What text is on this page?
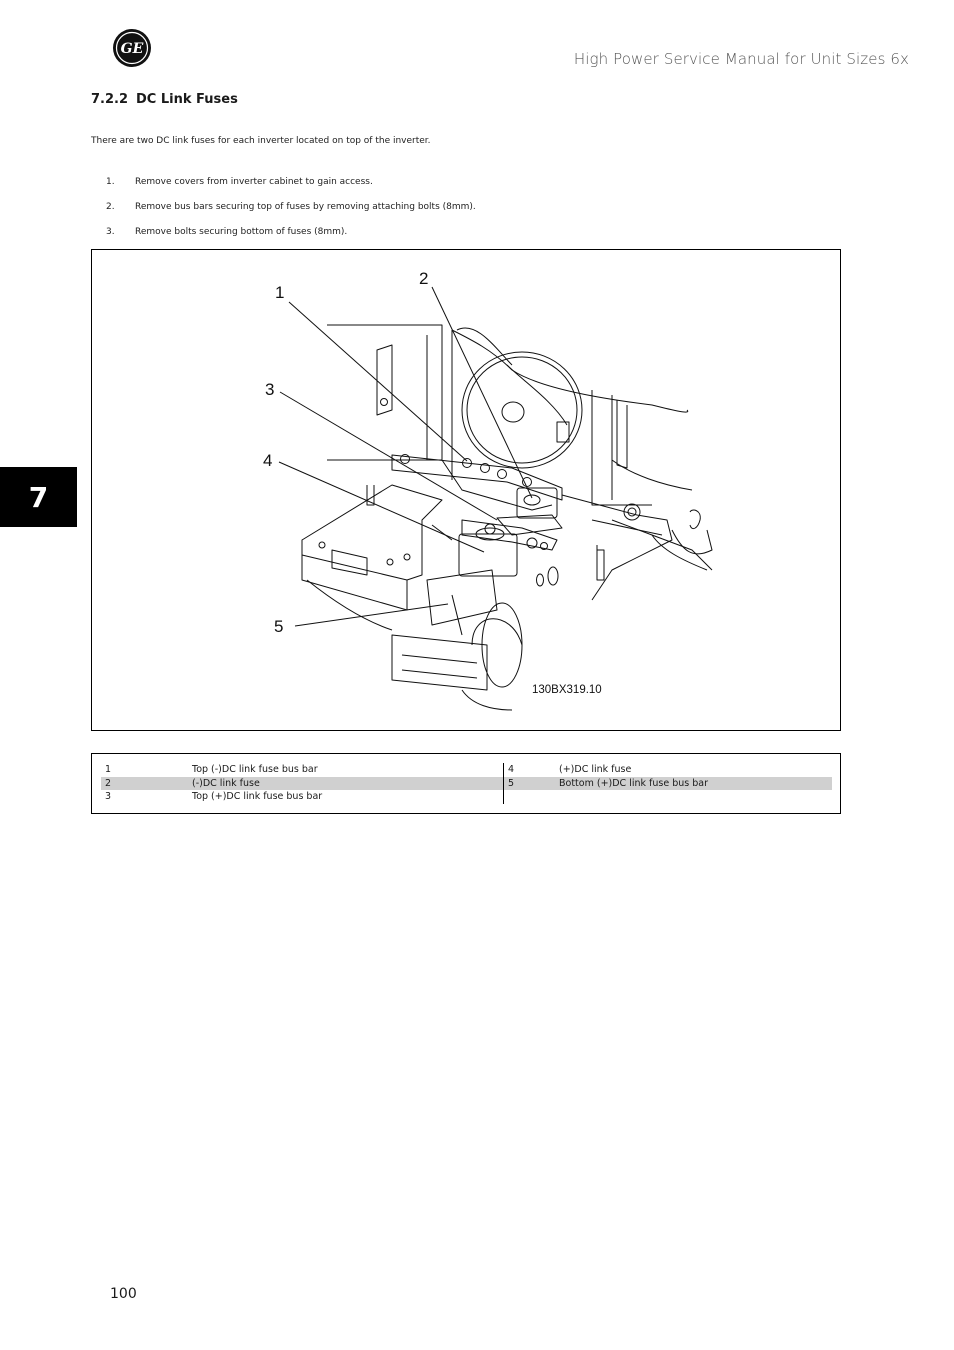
GE
High Power Service Manual for Unit Sizes 6x
7.2.2 DC Link Fuses
There are two DC link fuses for each inverter located on top of the inverter.
1.	Remove covers from inverter cabinet to gain access.
2.	Remove bus bars securing top of fuses by removing attaching bolts (8mm).
3.	Remove bolts securing bottom of fuses (8mm).
7
1
2
3
4
5
130BX319.10
1	Top (-)DC link fuse bus bar
2	(-)DC link fuse
3	Top (+)DC link fuse bus bar
4	(+)DC link fuse
5	Bottom (+)DC link fuse bus bar
100
